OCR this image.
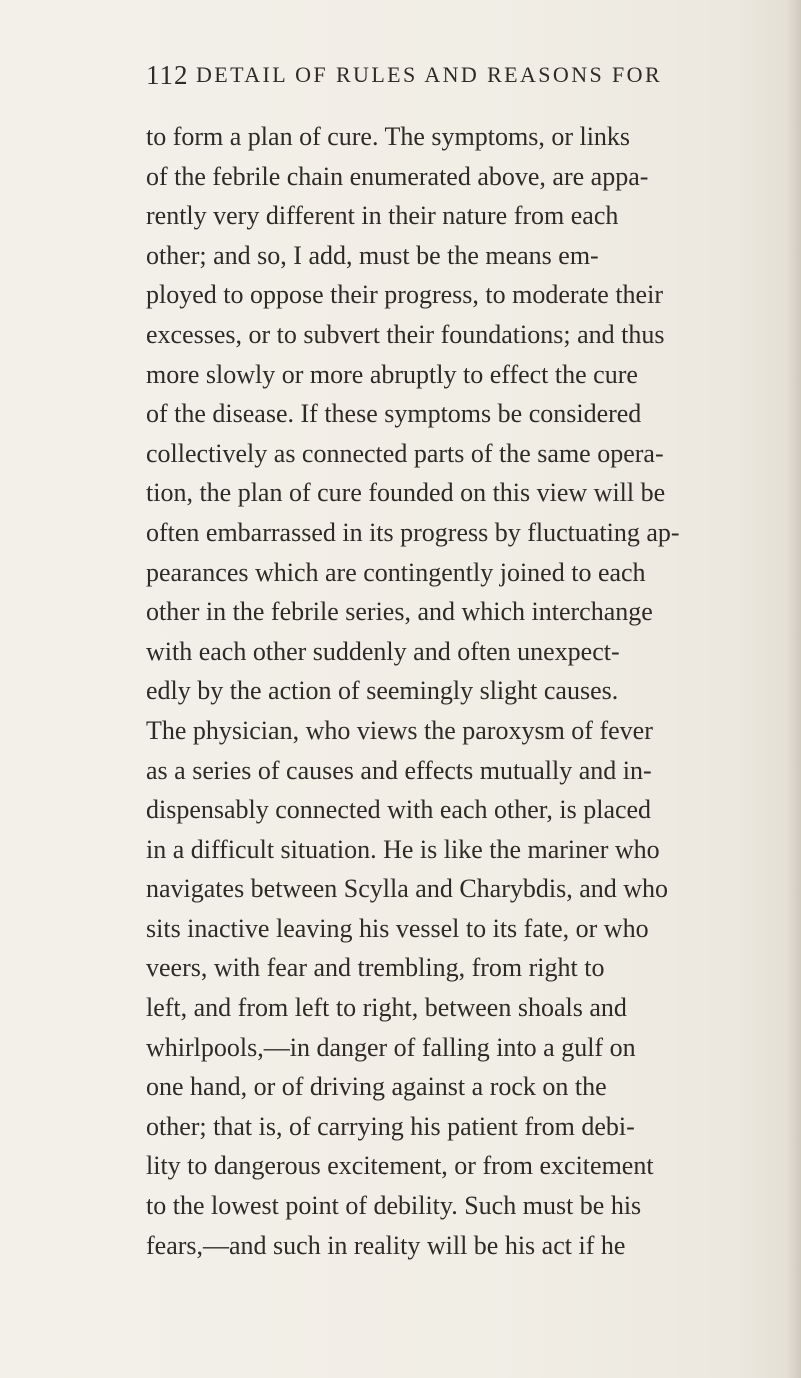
112 DETAIL OF RULES AND REASONS FOR
to form a plan of cure. The symptoms, or links
of the febrile chain enumerated above, are appa-
rently very different in their nature from each
other; and so, I add, must be the means em-
ployed to oppose their progress, to moderate their
excesses, or to subvert their foundations; and thus
more slowly or more abruptly to effect the cure
of the disease. If these symptoms be considered
collectively as connected parts of the same opera-
tion, the plan of cure founded on this view will be
often embarrassed in its progress by fluctuating ap-
pearances which are contingently joined to each
other in the febrile series, and which interchange
with each other suddenly and often unexpect-
edly by the action of seemingly slight causes.
The physician, who views the paroxysm of fever
as a series of causes and effects mutually and in-
dispensably connected with each other, is placed
in a difficult situation. He is like the mariner who
navigates between Scylla and Charybdis, and who
sits inactive leaving his vessel to its fate, or who
veers, with fear and trembling, from right to
left, and from left to right, between shoals and
whirlpools,—in danger of falling into a gulf on
one hand, or of driving against a rock on the
other; that is, of carrying his patient from debi-
lity to dangerous excitement, or from excitement
to the lowest point of debility. Such must be his
fears,—and such in reality will be his act if he
